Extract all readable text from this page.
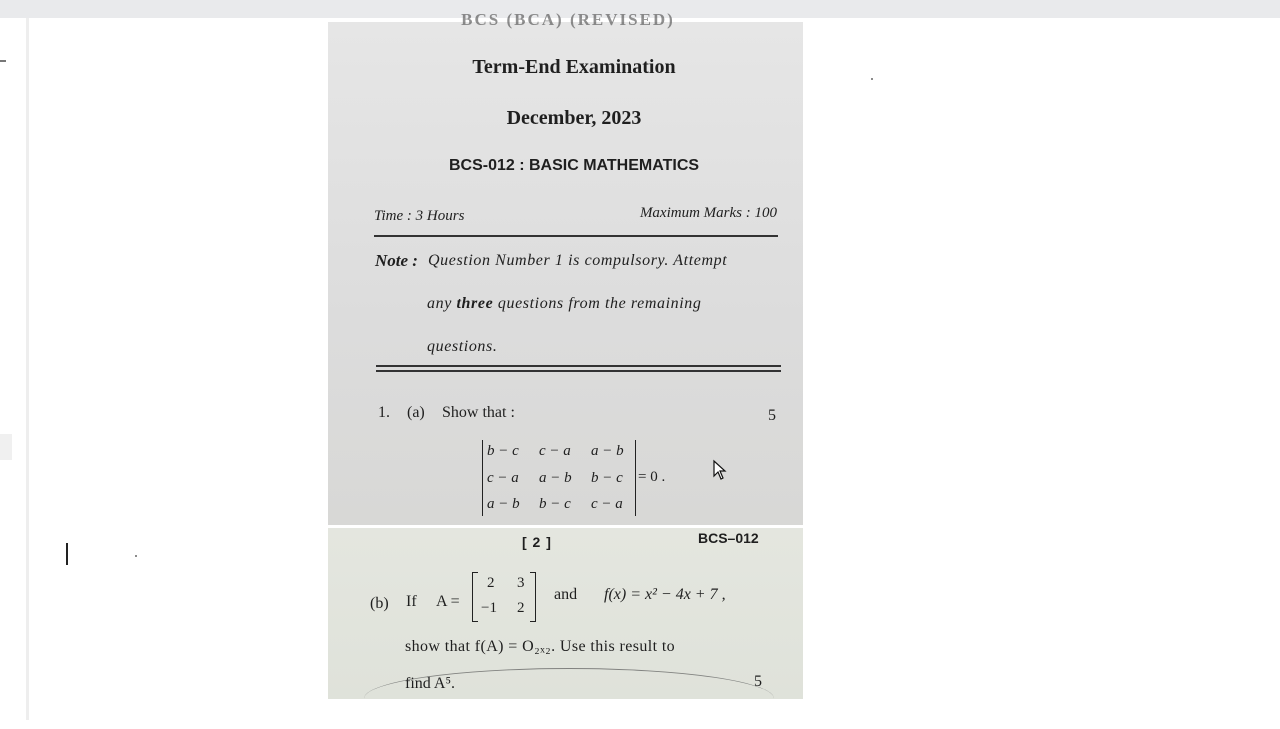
BCS (BCA) (REVISED)
Term-End Examination
December, 2023
BCS-012 : BASIC MATHEMATICS
Time : 3 Hours	Maximum Marks : 100
Note : Question Number 1 is compulsory. Attempt
any three questions from the remaining
questions.
1. (a) Show that :	5
b − c c − a a − b
c − a a − b b − c
a − b b − c c − a
= 0 .
[ 2 ]	BCS–012
(b) If A =
2 3
−1 2
and f(x) = x² − 4x + 7 ,
show that f(A) = O₂ₓ₂. Use this result to
find A⁵.	5
